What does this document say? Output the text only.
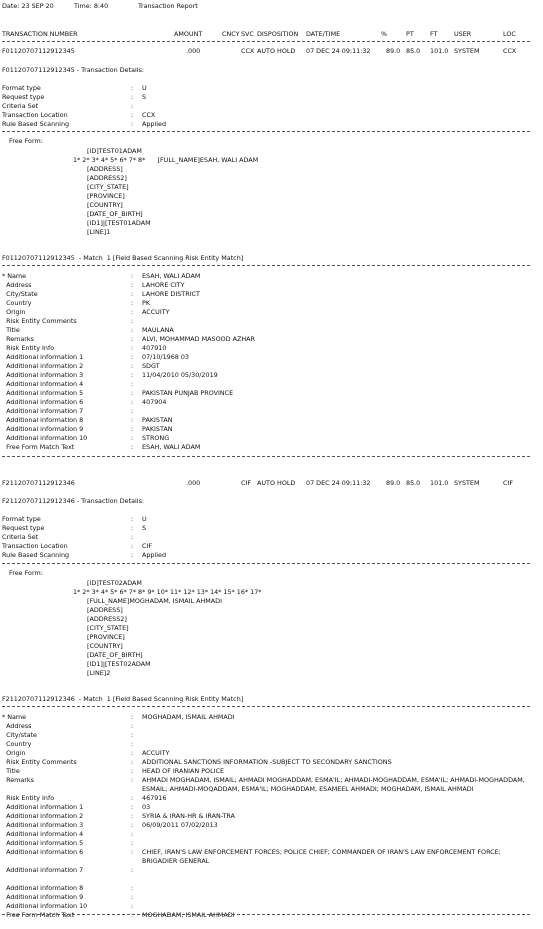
Date: 23 SEP 20	Time: 8:40	Transaction Report
TRANSACTION NUMBER	AMOUNT	CNCY SVC DISPOSITION DATE/TIME	%	PT	FT	USER	LOC
F01120707112912345	.000	CCX AUTO HOLD 07 DEC 24 09:11:32 89.0 85.0 101.0 SYSTEM	CCX
F01120707112912345 - Transaction Details:
Format type	: U
Request type	: S
Criteria Set	:
Transaction Location	: CCX
Rule Based Scanning	: Applied
Free Form:
[ID]TEST01ADAM
1* 2* 3* 4* 5* 6* 7* 8*      [FULL_NAME]ESAH, WALI ADAM
[ADDRESS]
[ADDRESS2]
[CITY_STATE]
[PROVINCE]
[COUNTRY]
[DATE_OF_BIRTH]
[ID1]|[TEST01ADAM
[LINE]1
F01120707112912345  - Match  1 [Field Based Scanning Risk Entity Match]
* Name	: ESAH, WALI ADAM
Address	: LAHORE CITY
City/State	: LAHORE DISTRICT
Country	: PK
Origin	: ACCUITY
Risk Entity Comments	:
Title	: MAULANA
Remarks	: ALVI, MOHAMMAD MASOOD AZHAR
Risk Entity Info	: 407910
Additional information 1	: 07/10/1968 03
Additional information 2	: SDGT
Additional information 3	: 11/04/2010 05/30/2019
Additional information 4	:
Additional information 5	: PAKISTAN PUNJAB PROVINCE
Additional information 6	: 407904
Additional information 7	:
Additional information 8	: PAKISTAN
Additional information 9	: PAKISTAN
Additional information 10	: STRONG
Free Form Match Text	: ESAH, WALI ADAM
F21120707112912346	.000	CIF AUTO HOLD 07 DEC 24 09:11:32 89.0 85.0 101.0 SYSTEM	CIF
F21120707112912346 - Transaction Details:
Format type	: U
Request type	: S
Criteria Set	:
Transaction Location	: CIF
Rule Based Scanning	: Applied
Free Form:
[ID]TEST02ADAM
1* 2* 3* 4* 5* 6* 7* 8* 9* 10* 11* 12* 13* 14* 15* 16* 17*
[FULL_NAME]MOGHADAM, ISMAIL AHMADI
[ADDRESS]
[ADDRESS2]
[CITY_STATE]
[PROVINCE]
[COUNTRY]
[DATE_OF_BIRTH]
[ID1]|[TEST02ADAM
[LINE]2
F21120707112912346  - Match  1 [Field Based Scanning Risk Entity Match]
* Name	: MOGHADAM, ISMAIL AHMADI
Address	:
City/state	:
Country	:
Origin	: ACCUITY
Risk Entity Comments	: ADDITIONAL SANCTIONS INFORMATION -SUBJECT TO SECONDARY SANCTIONS
Title	: HEAD OF IRANIAN POLICE
Remarks	: AHMADI MOGHADAM, ISMAIL; AHMADI MOGHADDAM, ESMA'IL; AHMADI-MOGHADDAM, ESMA'IL; AHMADI-MOGHADDAM,
ESMAIL; AHMADI-MOQADDAM, ESMA'IL; MOGHADDAM, ESAMEEL AHMADI; MOGHADAM, ISMAIL AHMADI
Risk Entity Info	: 467916
Additional information 1	: 03
Additional information 2	: SYRIA & IRAN-HR & IRAN-TRA
Additional information 3	: 06/09/2011 07/02/2013
Additional information 4	:
Additional information 5	:
Additional information 6	: CHIEF, IRAN'S LAW ENFORCEMENT FORCES; POLICE CHIEF; COMMANDER OF IRAN'S LAW ENFORCEMENT FORCE;
BRIGADIER GENERAL
Additional information 7	:
Additional information 8	:
Additional information 9	:
Additional information 10	:
Free Form Match Text	: MOGHADAM, ISMAIL AHMADI
